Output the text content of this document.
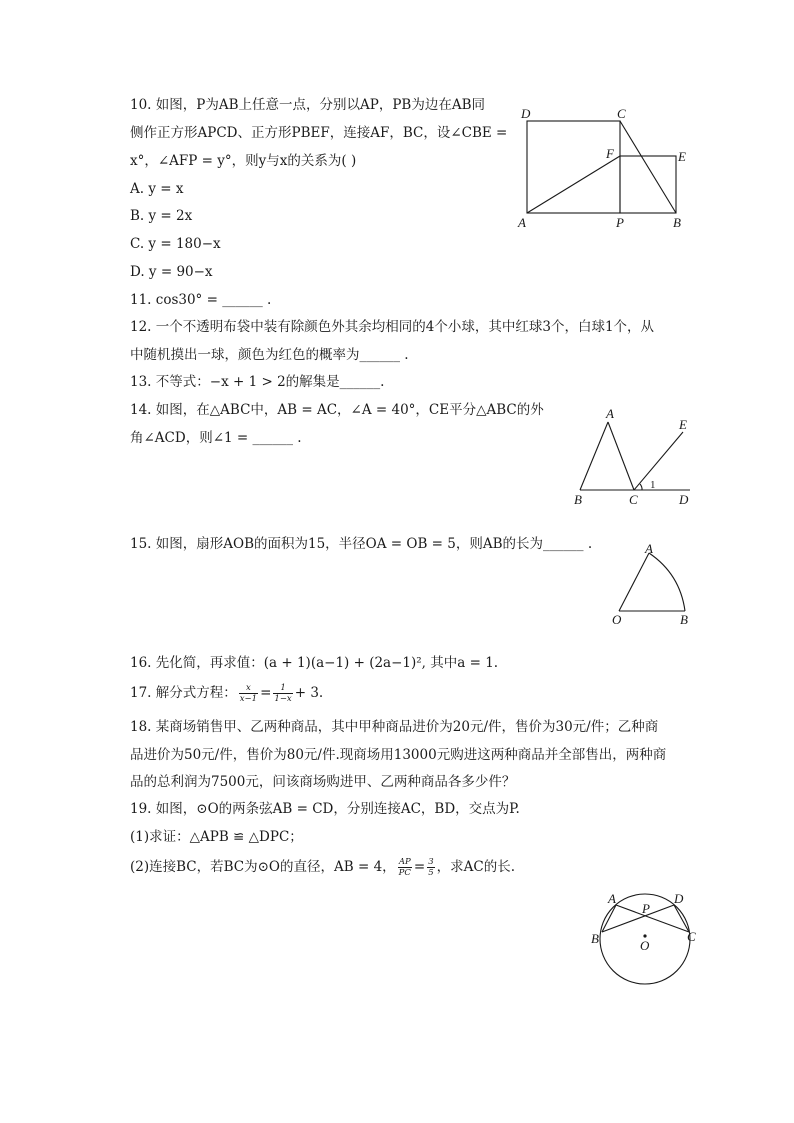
10. 如图，P为AB上任意一点，分别以AP，PB为边在AB同
侧作正方形APCD、正方形PBEF，连接AF，BC，设∠CBE =
x°，∠AFP = y°，则y与x的关系为( )
A. y = x
B. y = 2x
C. y = 180−x
D. y = 90−x
D	C
F	E
A	P	B
11. cos30° = ______ .
12. 一个不透明布袋中装有除颜色外其余均相同的4个小球，其中红球3个，白球1个，从
中随机摸出一球，颜色为红色的概率为______ .
13. 不等式：−x + 1 > 2的解集是______.
14. 如图，在△ABC中，AB = AC，∠A = 40°，CE平分△ABC的外
角∠ACD，则∠1 = ______ .
A
E
1
B	C	D
15. 如图，扇形AOB的面积为15，半径OA = OB = 5，则AB的长为______ .	A
O	B
16. 先化简，再求值：(a + 1)(a−1) + (2a−1)², 其中a = 1.
17. 解分式方程： $\frac{x}{x-1} = \frac{1}{1-x} + 3$.
18. 某商场销售甲、乙两种商品，其中甲种商品进价为20元/件，售价为30元/件；乙种商
品进价为50元/件，售价为80元/件.现商场用13000元购进这两种商品并全部售出，两种商
品的总利润为7500元，问该商场购进甲、乙两种商品各多少件？
19. 如图，⊙O的两条弦AB = CD，分别连接AC，BD，交点为P.
(1)求证：△APB ≌ △DPC；
(2)连接BC，若BC为⊙O的直径，AB = 4， $\frac{AP}{PC} = \frac{3}{5}$ ，求AC的长.
A
P
D
B	O
C
